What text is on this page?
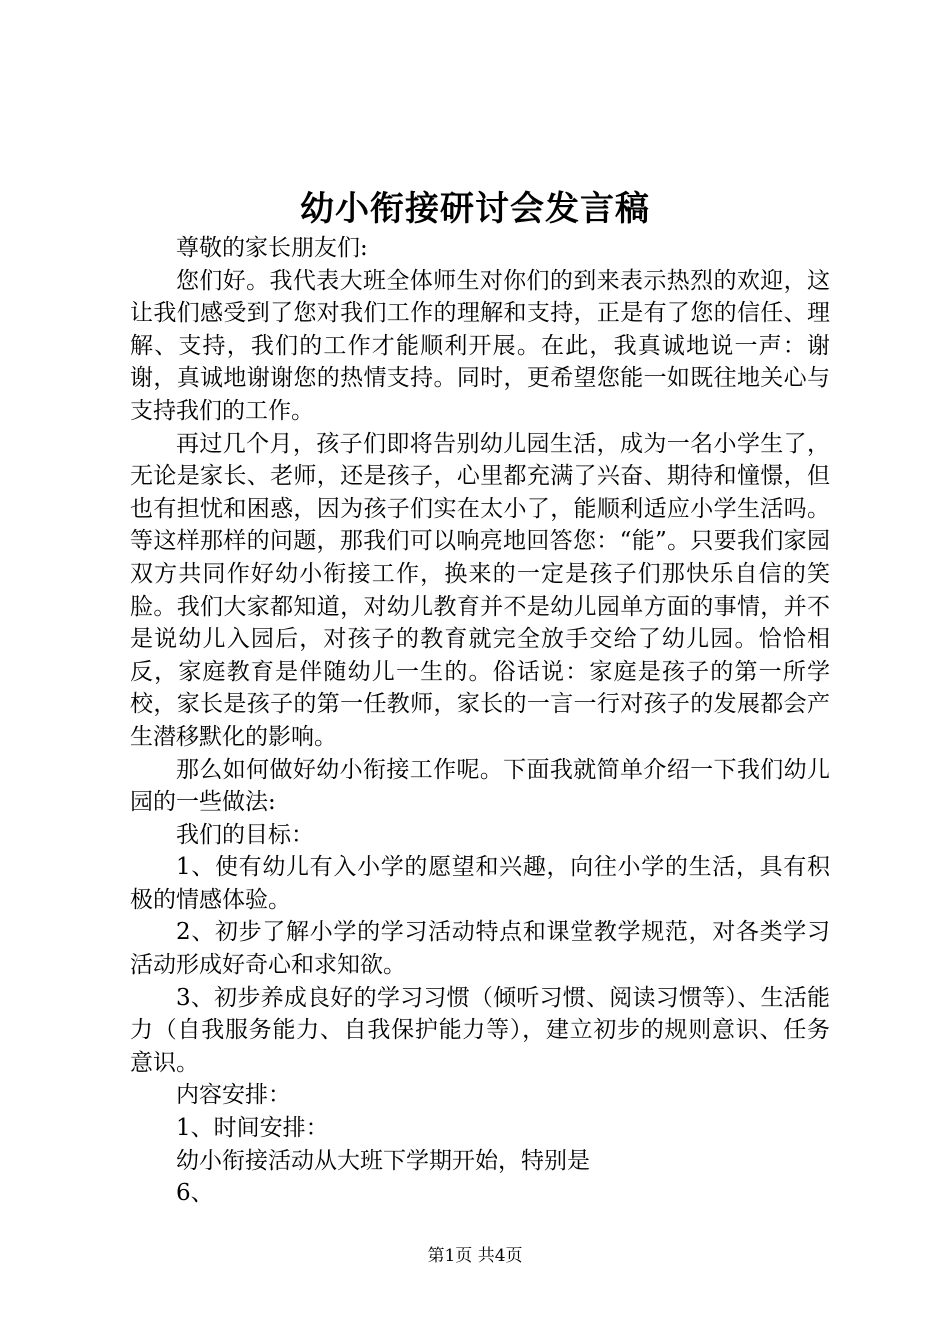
幼小衔接研讨会发言稿

尊敬的家长朋友们:

您们好。我代表大班全体师生对你们的到来表示热烈的欢迎，这让我们感受到了您对我们工作的理解和支持，正是有了您的信任、理解、支持，我们的工作才能顺利开展。在此，我真诚地说一声：谢谢，真诚地谢谢您的热情支持。同时，更希望您能一如既往地关心与支持我们的工作。

再过几个月，孩子们即将告别幼儿园生活，成为一名小学生了，无论是家长、老师，还是孩子，心里都充满了兴奋、期待和憧憬，但也有担忧和困惑，因为孩子们实在太小了，能顺利适应小学生活吗。等这样那样的问题，那我们可以响亮地回答您：“能”。只要我们家园双方共同作好幼小衔接工作，换来的一定是孩子们那快乐自信的笑脸。我们大家都知道，对幼儿教育并不是幼儿园单方面的事情，并不是说幼儿入园后，对孩子的教育就完全放手交给了幼儿园。恰恰相反，家庭教育是伴随幼儿一生的。俗话说：家庭是孩子的第一所学校，家长是孩子的第一任教师，家长的一言一行对孩子的发展都会产生潜移默化的影响。

那么如何做好幼小衔接工作呢。下面我就简单介绍一下我们幼儿园的一些做法:

我们的目标：

1、使有幼儿有入小学的愿望和兴趣，向往小学的生活，具有积极的情感体验。

2、初步了解小学的学习活动特点和课堂教学规范，对各类学习活动形成好奇心和求知欲。

3、初步养成良好的学习习惯（倾听习惯、阅读习惯等）、生活能力（自我服务能力、自我保护能力等），建立初步的规则意识、任务意识。

内容安排：

1、时间安排：

幼小衔接活动从大班下学期开始，特别是

6、

第1页 共4页
